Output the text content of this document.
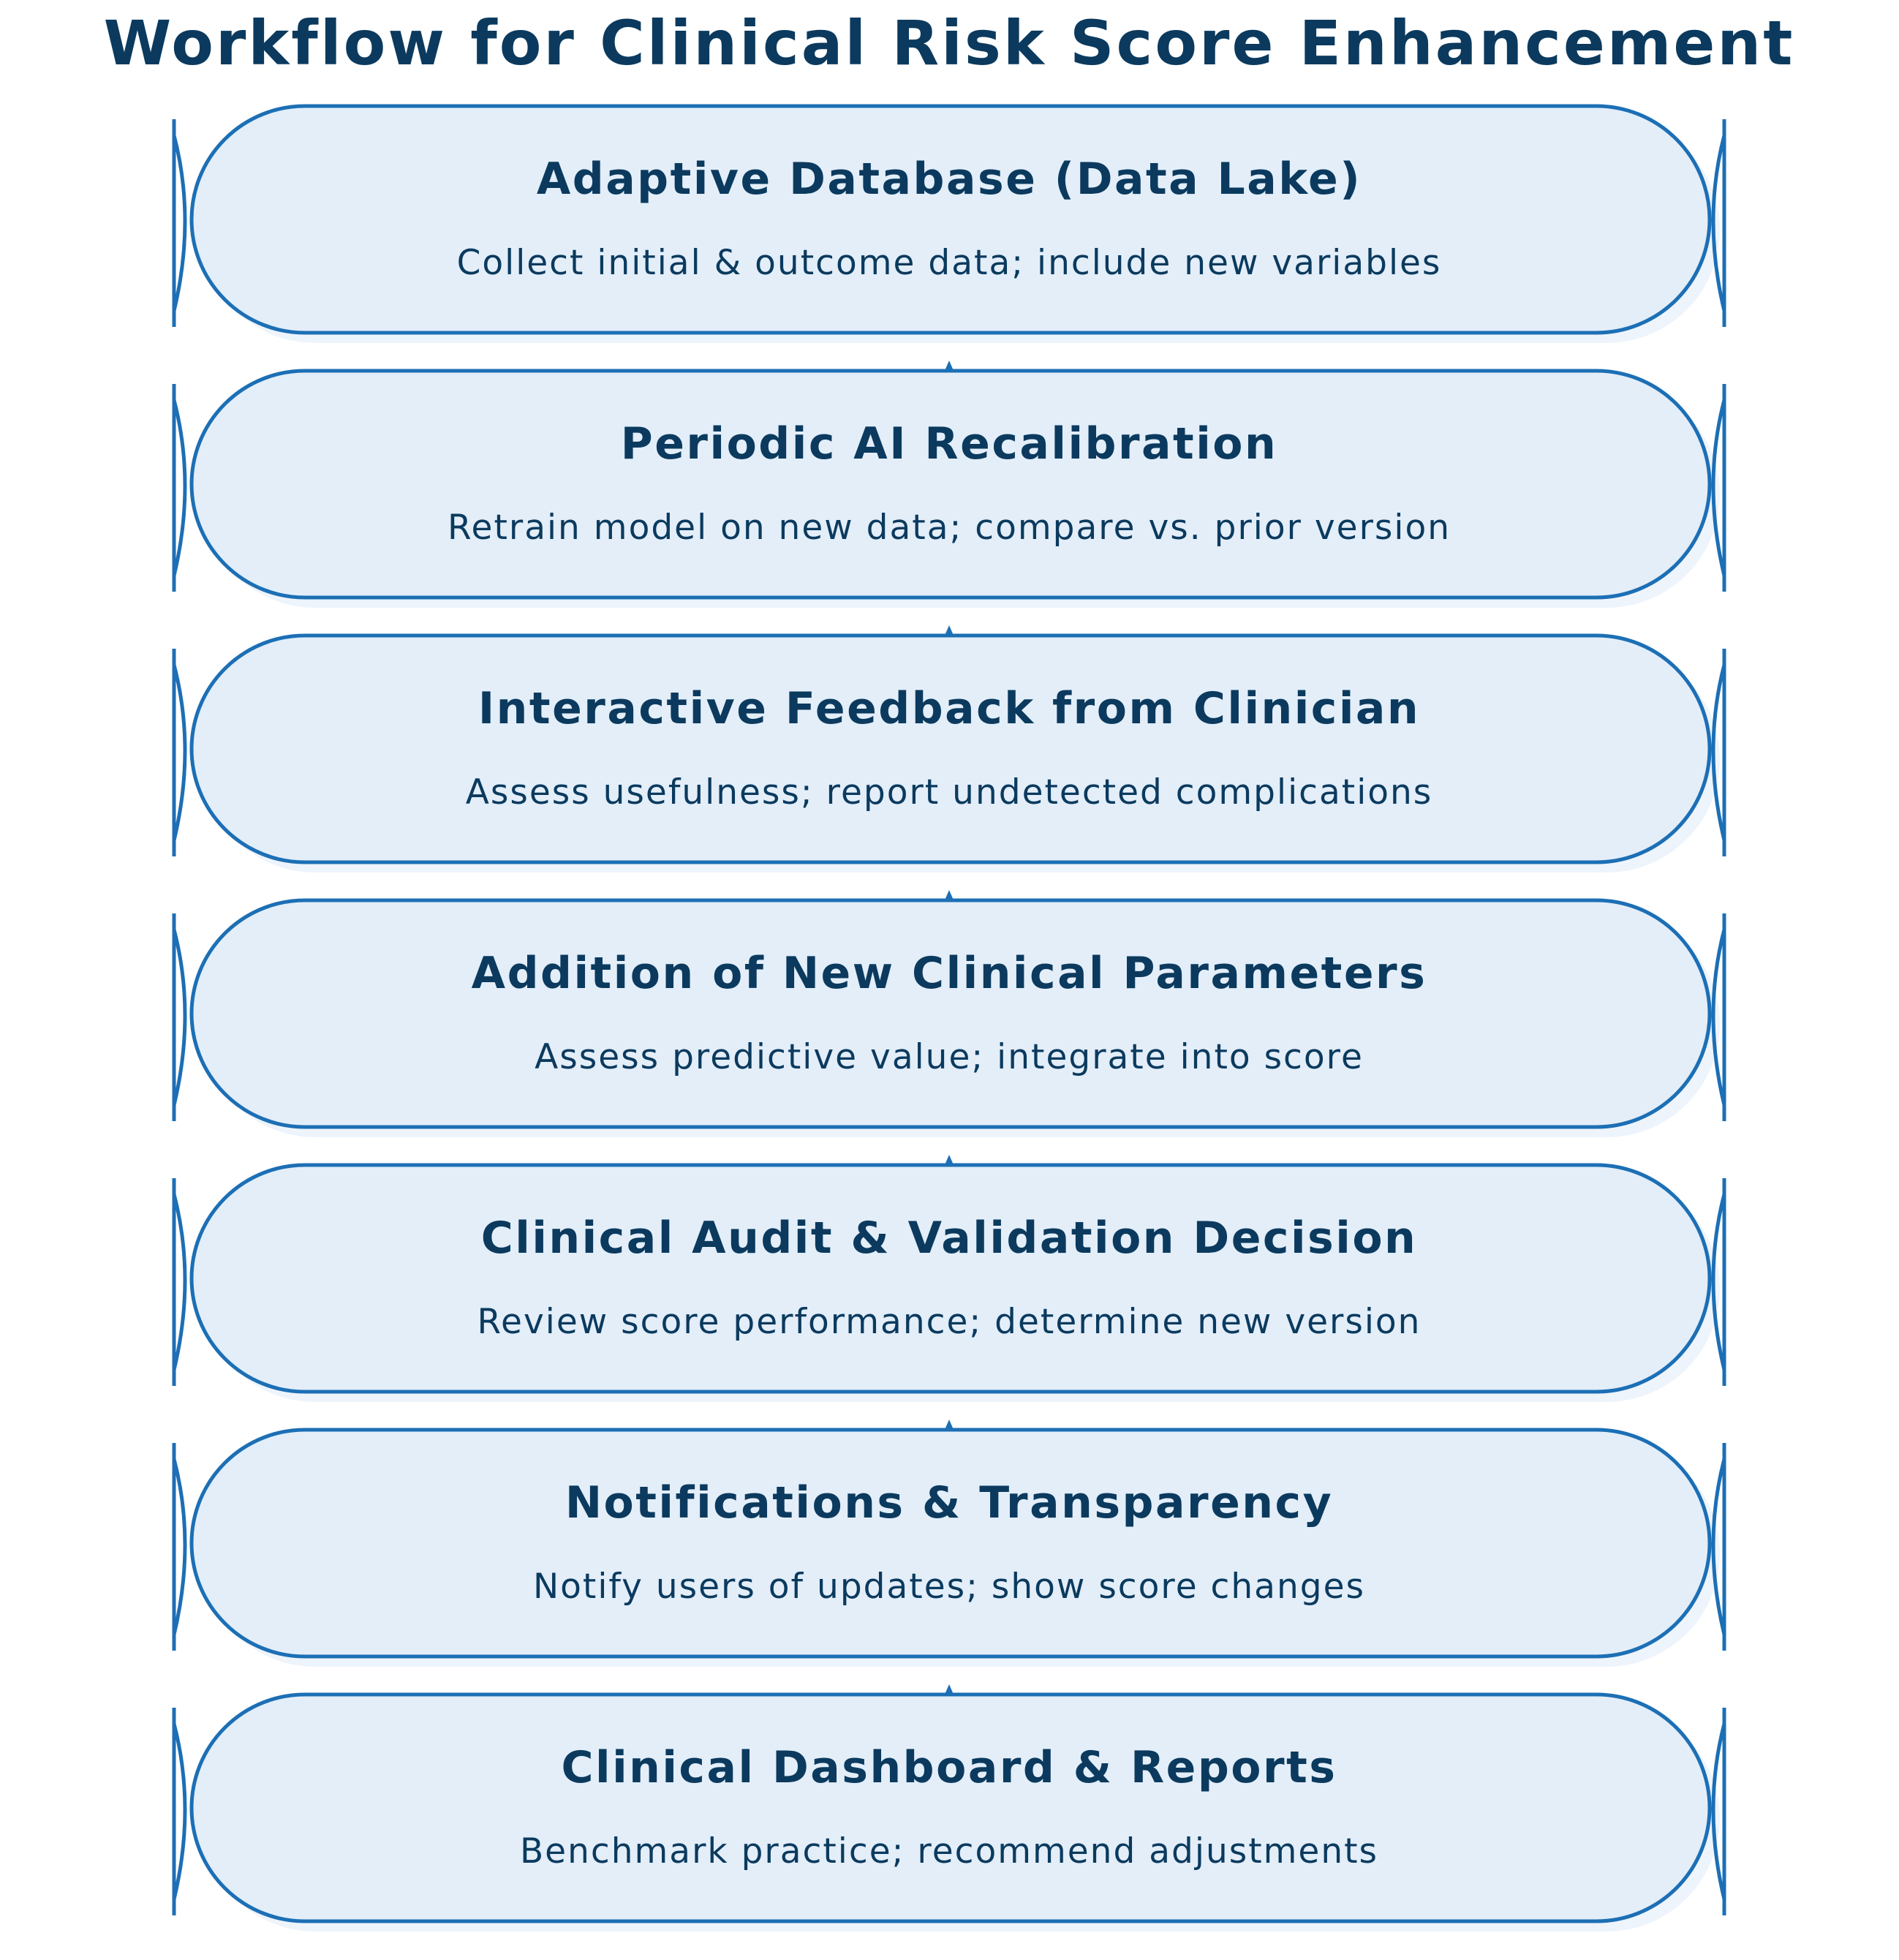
Workflow for Clinical Risk Score Enhancement
Adaptive Database (Data Lake)
Collect initial & outcome data; include new variables
Periodic AI Recalibration
Retrain model on new data; compare vs. prior version
Interactive Feedback from Clinician
Assess usefulness; report undetected complications
Addition of New Clinical Parameters
Assess predictive value; integrate into score
Clinical Audit & Validation Decision
Review score performance; determine new version
Notifications & Transparency
Notify users of updates; show score changes
Clinical Dashboard & Reports
Benchmark practice; recommend adjustments
